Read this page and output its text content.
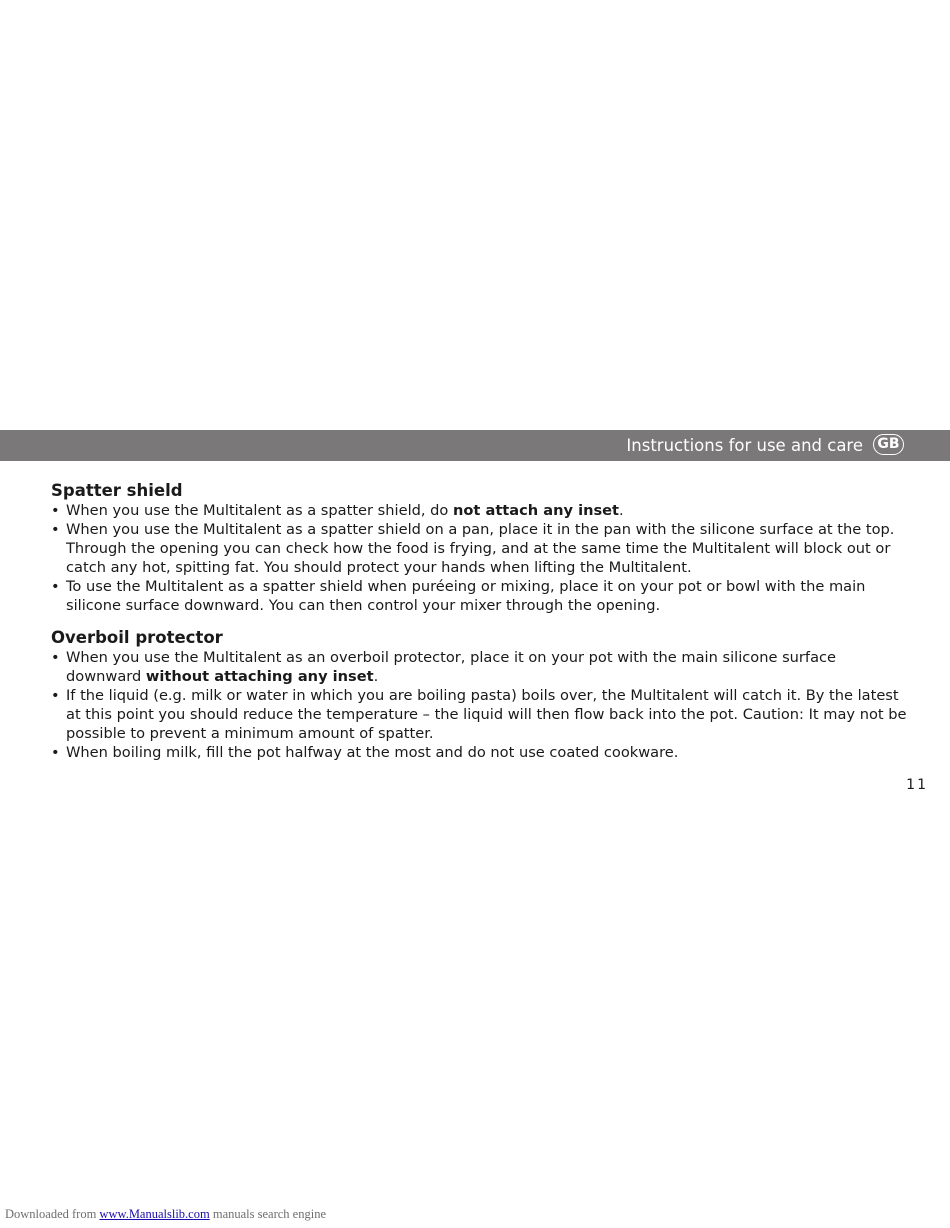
Instructions for use and care	GB
Spatter shield
• When you use the Multitalent as a spatter shield, do not attach any inset.
• When you use the Multitalent as a spatter shield on a pan, place it in the pan with the silicone surface at the top. Through the opening you can check how the food is frying, and at the same time the Multitalent will block out or catch any hot, spitting fat. You should protect your hands when lifting the Multitalent.
• To use the Multitalent as a spatter shield when puréeing or mixing, place it on your pot or bowl with the main silicone surface downward. You can then control your mixer through the opening.
Overboil protector
• When you use the Multitalent as an overboil protector, place it on your pot with the main silicone surface downward without attaching any inset.
• If the liquid (e.g. milk or water in which you are boiling pasta) boils over, the Multitalent will catch it. By the latest at this point you should reduce the temperature – the liquid will then flow back into the pot. Caution: It may not be possible to prevent a minimum amount of spatter.
• When boiling milk, fill the pot halfway at the most and do not use coated cookware.
11
Downloaded from www.Manualslib.com manuals search engine
